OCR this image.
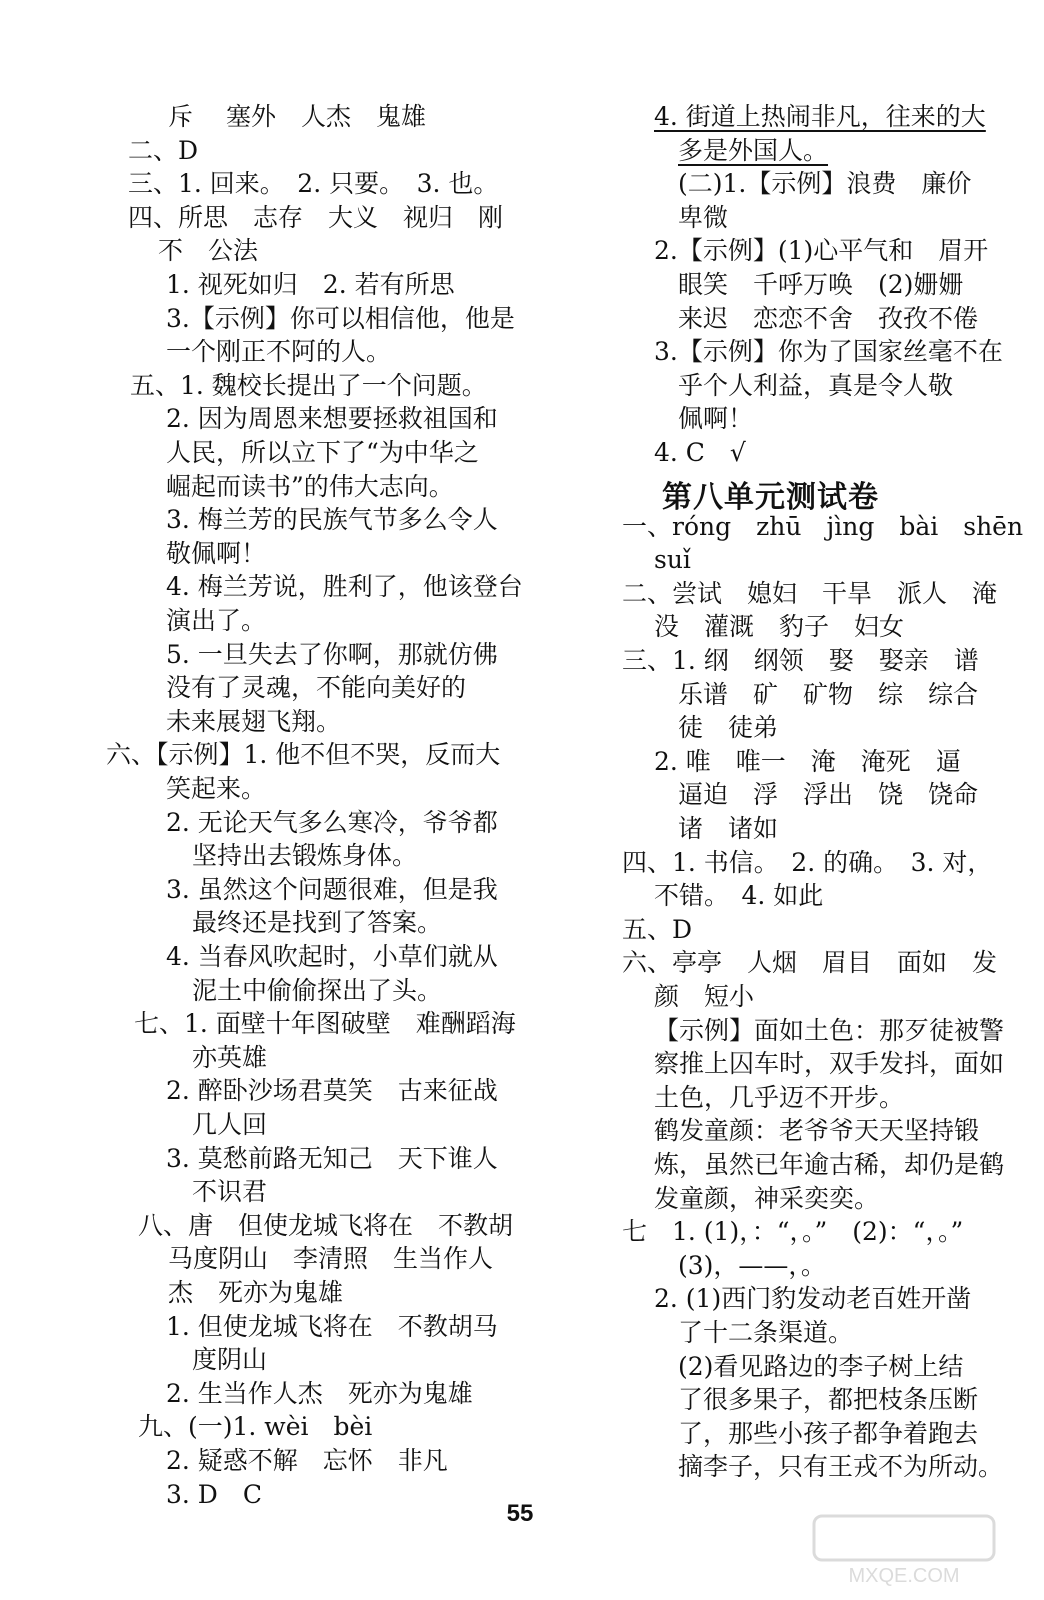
斥　 塞外　人杰　鬼雄
二、D
三、1. 回来。　2. 只要。　3. 也。
四、所思　志存　大义　视归　刚
不　公法
1. 视死如归　2. 若有所思
3.【示例】你可以相信他，他是
一个刚正不阿的人。
五、1. 魏校长提出了一个问题。
2. 因为周恩来想要拯救祖国和
人民，所以立下了“为中华之
崛起而读书”的伟大志向。
3. 梅兰芳的民族气节多么令人
敬佩啊！
4. 梅兰芳说，胜利了，他该登台
演出了。
5. 一旦失去了你啊，那就仿佛
没有了灵魂，不能向美好的
未来展翅飞翔。
六、【示例】1. 他不但不哭，反而大
笑起来。
2. 无论天气多么寒冷，爷爷都
坚持出去锻炼身体。
3. 虽然这个问题很难，但是我
最终还是找到了答案。
4. 当春风吹起时，小草们就从
泥土中偷偷探出了头。
七、1. 面壁十年图破壁　难酬蹈海
亦英雄
2. 醉卧沙场君莫笑　古来征战
几人回
3. 莫愁前路无知己　天下谁人
不识君
八、唐　但使龙城飞将在　不教胡
马度阴山　李清照　生当作人
杰　死亦为鬼雄
1. 但使龙城飞将在　不教胡马
度阴山
2. 生当作人杰　死亦为鬼雄
九、(一)1. wèi　bèi
2. 疑惑不解　忘怀　非凡
3. D　C
4. 街道上热闹非凡，往来的大
多是外国人。
(二)1.【示例】浪费　廉价
卑微
2.【示例】(1)心平气和　眉开
眼笑　千呼万唤　(2)姗姗
来迟　恋恋不舍　孜孜不倦
3.【示例】你为了国家丝毫不在
乎个人利益，真是令人敬
佩啊！
4. C　√
第八单元测试卷
一、róng　zhū　jìng　bài　shēn
suǐ
二、尝试　媳妇　干旱　派人　淹
没　灌溉　豹子　妇女
三、1. 纲　纲领　娶　娶亲　谱
乐谱　矿　矿物　综　综合
徒　徒弟
2. 唯　唯一　淹　淹死　逼
逼迫　浮　浮出　饶　饶命
诸　诸如
四、1. 书信。　2. 的确。　3. 对，
不错。　4. 如此
五、D
六、亭亭　人烟　眉目　面如　发
颜　短小
【示例】面如土色：那歹徒被警
察推上囚车时，双手发抖，面如
土色，几乎迈不开步。
鹤发童颜：老爷爷天天坚持锻
炼，虽然已年逾古稀，却仍是鹤
发童颜，神采奕奕。
七　1. (1)，：“，。”　(2)：“，。”
(3)，——，。
2. (1)西门豹发动老百姓开凿
了十二条渠道。
(2)看见路边的李子树上结
了很多果子，都把枝条压断
了，那些小孩子都争着跑去
摘李子，只有王戎不为所动。
55
MXQE.COM
